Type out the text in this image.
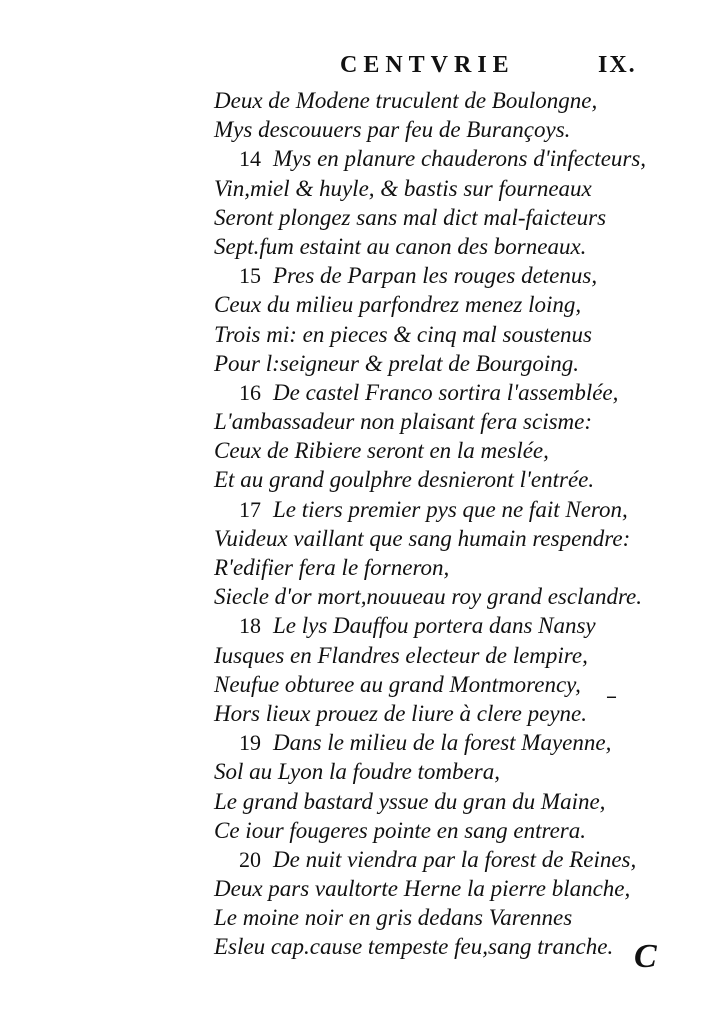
CENTVRIE	IX.
Deux de Modene truculent de Boulongne,
Mys descouuers par feu de Burançoys.
14 Mys en planure chauderons d'infecteurs,
Vin,miel & huyle, & bastis sur fourneaux
Seront plongez sans mal dict mal-faicteurs
Sept.fum estaint au canon des borneaux.
15 Pres de Parpan les rouges detenus,
Ceux du milieu parfondrez menez loing,
Trois mi: en pieces & cinq mal soustenus
Pour l:seigneur & prelat de Bourgoing.
16 De castel Franco sortira l'assemblée,
L'ambassadeur non plaisant fera scisme:
Ceux de Ribiere seront en la meslée,
Et au grand goulphre desnieront l'entrée.
17 Le tiers premier pys que ne fait Neron,
Vuideux vaillant que sang humain respendre:
R'edifier fera le forneron,
Siecle d'or mort,nouueau roy grand esclandre.
18 Le lys Dauffou portera dans Nansy
Iusques en Flandres electeur de lempire,
Neufue obturee au grand Montmorency,
Hors lieux prouez de liure à clere peyne.
19 Dans le milieu de la forest Mayenne,
Sol au Lyon la foudre tombera,
Le grand bastard yssue du gran du Maine,
Ce iour fougeres pointe en sang entrera.
20 De nuit viendra par la forest de Reines,
Deux pars vaultorte Herne la pierre blanche,
Le moine noir en gris dedans Varennes
Esleu cap.cause tempeste feu,sang tranche.
–
C
